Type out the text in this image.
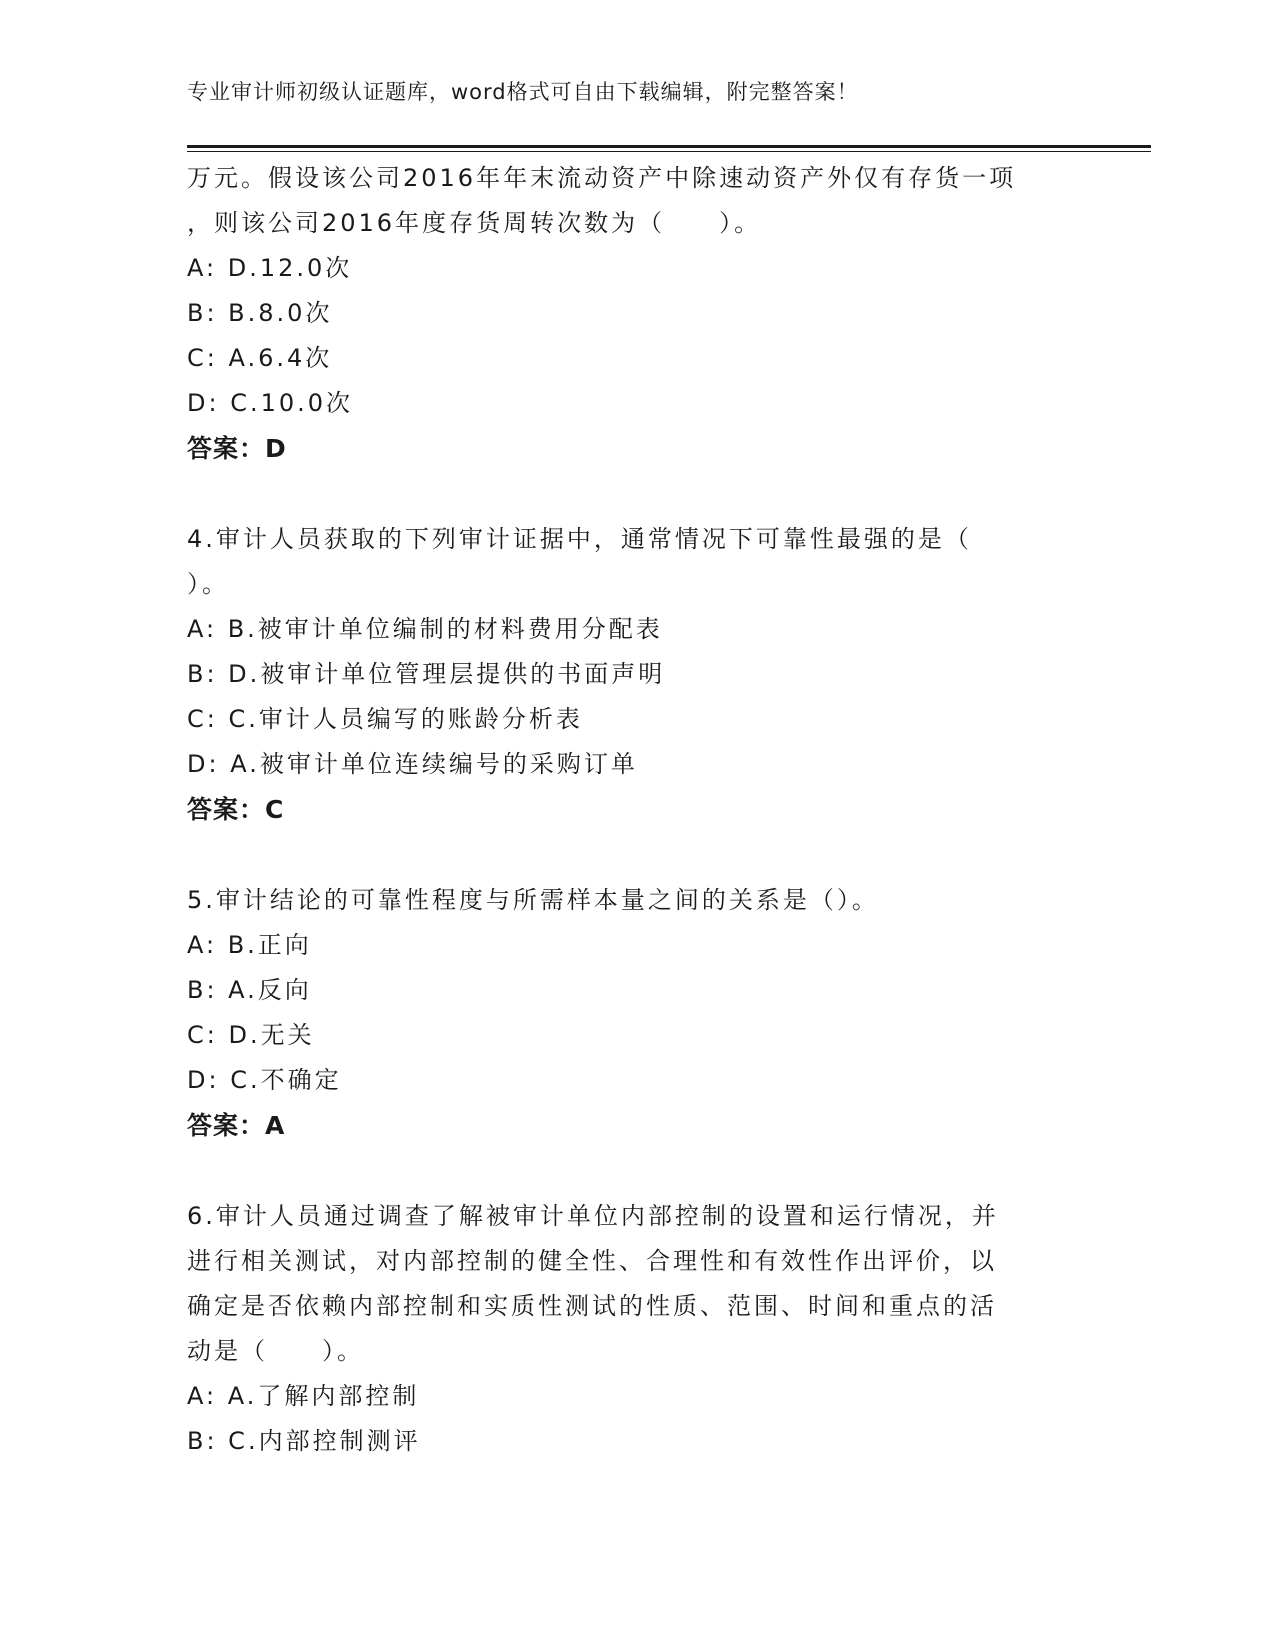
专业审计师初级认证题库，word格式可自由下载编辑，附完整答案！
万元。假设该公司2016年年末流动资产中除速动资产外仅有存货一项
，则该公司2016年度存货周转次数为（　　）。
A: D.12.0次
B: B.8.0次
C: A.6.4次
D: C.10.0次
答案：D
4.审计人员获取的下列审计证据中，通常情况下可靠性最强的是（
）。
A: B.被审计单位编制的材料费用分配表
B: D.被审计单位管理层提供的书面声明
C: C.审计人员编写的账龄分析表
D: A.被审计单位连续编号的采购订单
答案：C
5.审计结论的可靠性程度与所需样本量之间的关系是（）。
A: B.正向
B: A.反向
C: D.无关
D: C.不确定
答案：A
6.审计人员通过调查了解被审计单位内部控制的设置和运行情况，并
进行相关测试，对内部控制的健全性、合理性和有效性作出评价，以
确定是否依赖内部控制和实质性测试的性质、范围、时间和重点的活
动是（　　）。
A: A.了解内部控制
B: C.内部控制测评
